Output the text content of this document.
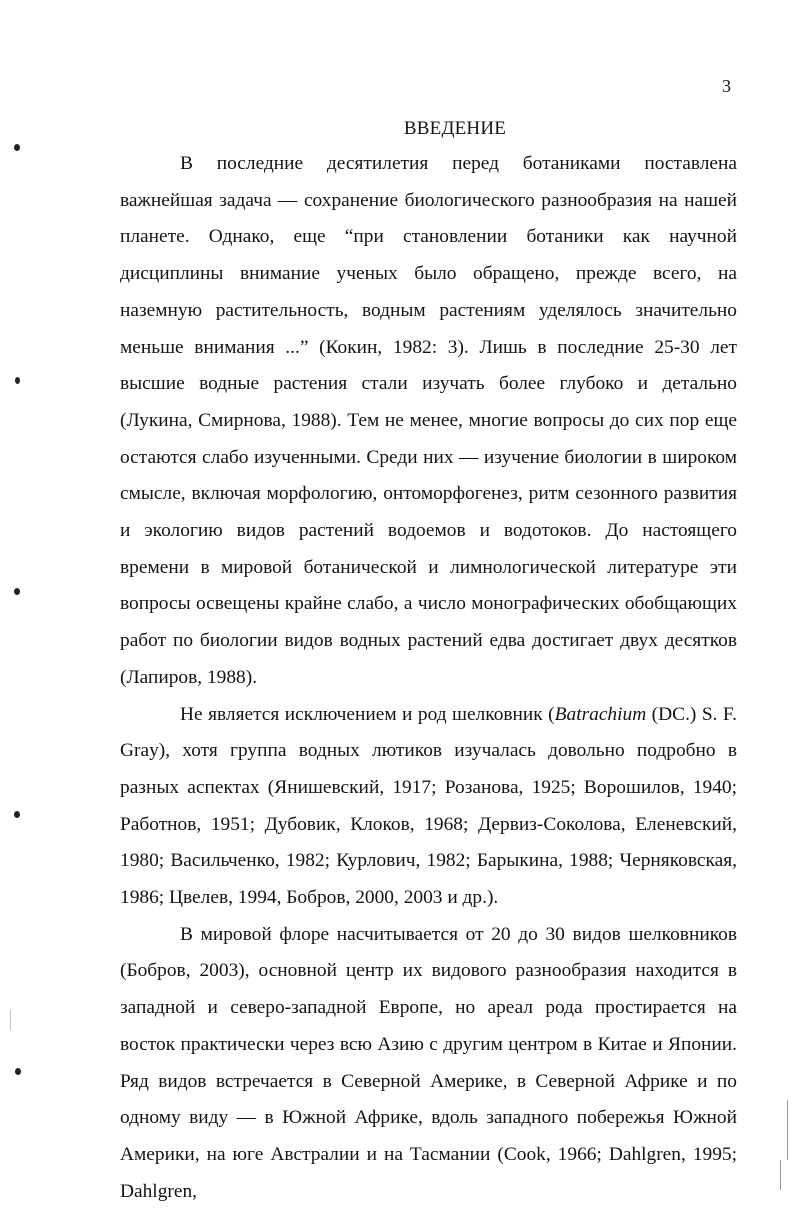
3
ВВЕДЕНИЕ

В последние десятилетия перед ботаниками поставлена важнейшая задача — сохранение биологического разнообразия на нашей планете. Однако, еще “при становлении ботаники как научной дисциплины внимание ученых было обращено, прежде всего, на наземную растительность, водным растениям уделялось значительно меньше внимания ...” (Кокин, 1982: 3). Лишь в последние 25-30 лет высшие водные растения стали изучать более глубоко и детально (Лукина, Смирнова, 1988). Тем не менее, многие вопросы до сих пор еще остаются слабо изученными. Среди них — изучение биологии в широком смысле, включая морфологию, онтоморфогенез, ритм сезонного развития и экологию видов растений водоемов и водотоков. До настоящего времени в мировой ботанической и лимнологической литературе эти вопросы освещены крайне слабо, а число монографических обобщающих работ по биологии видов водных растений едва достигает двух десятков (Лапиров, 1988).

Не является исключением и род шелковник (Batrachium (DC.) S. F. Gray), хотя группа водных лютиков изучалась довольно подробно в разных аспектах (Янишевский, 1917; Розанова, 1925; Ворошилов, 1940; Работнов, 1951; Дубовик, Клоков, 1968; Дервиз-Соколова, Еленевский, 1980; Васильченко, 1982; Курлович, 1982; Барыкина, 1988; Черняковская, 1986; Цвелев, 1994, Бобров, 2000, 2003 и др.).

В мировой флоре насчитывается от 20 до 30 видов шелковников (Бобров, 2003), основной центр их видового разнообразия находится в западной и северо-западной Европе, но ареал рода простирается на восток практически через всю Азию с другим центром в Китае и Японии. Ряд видов встречается в Северной Америке, в Северной Африке и по одному виду — в Южной Африке, вдоль западного побережья Южной Америки, на юге Австралии и на Тасмании (Cook, 1966; Dahlgren, 1995; Dahlgren,
